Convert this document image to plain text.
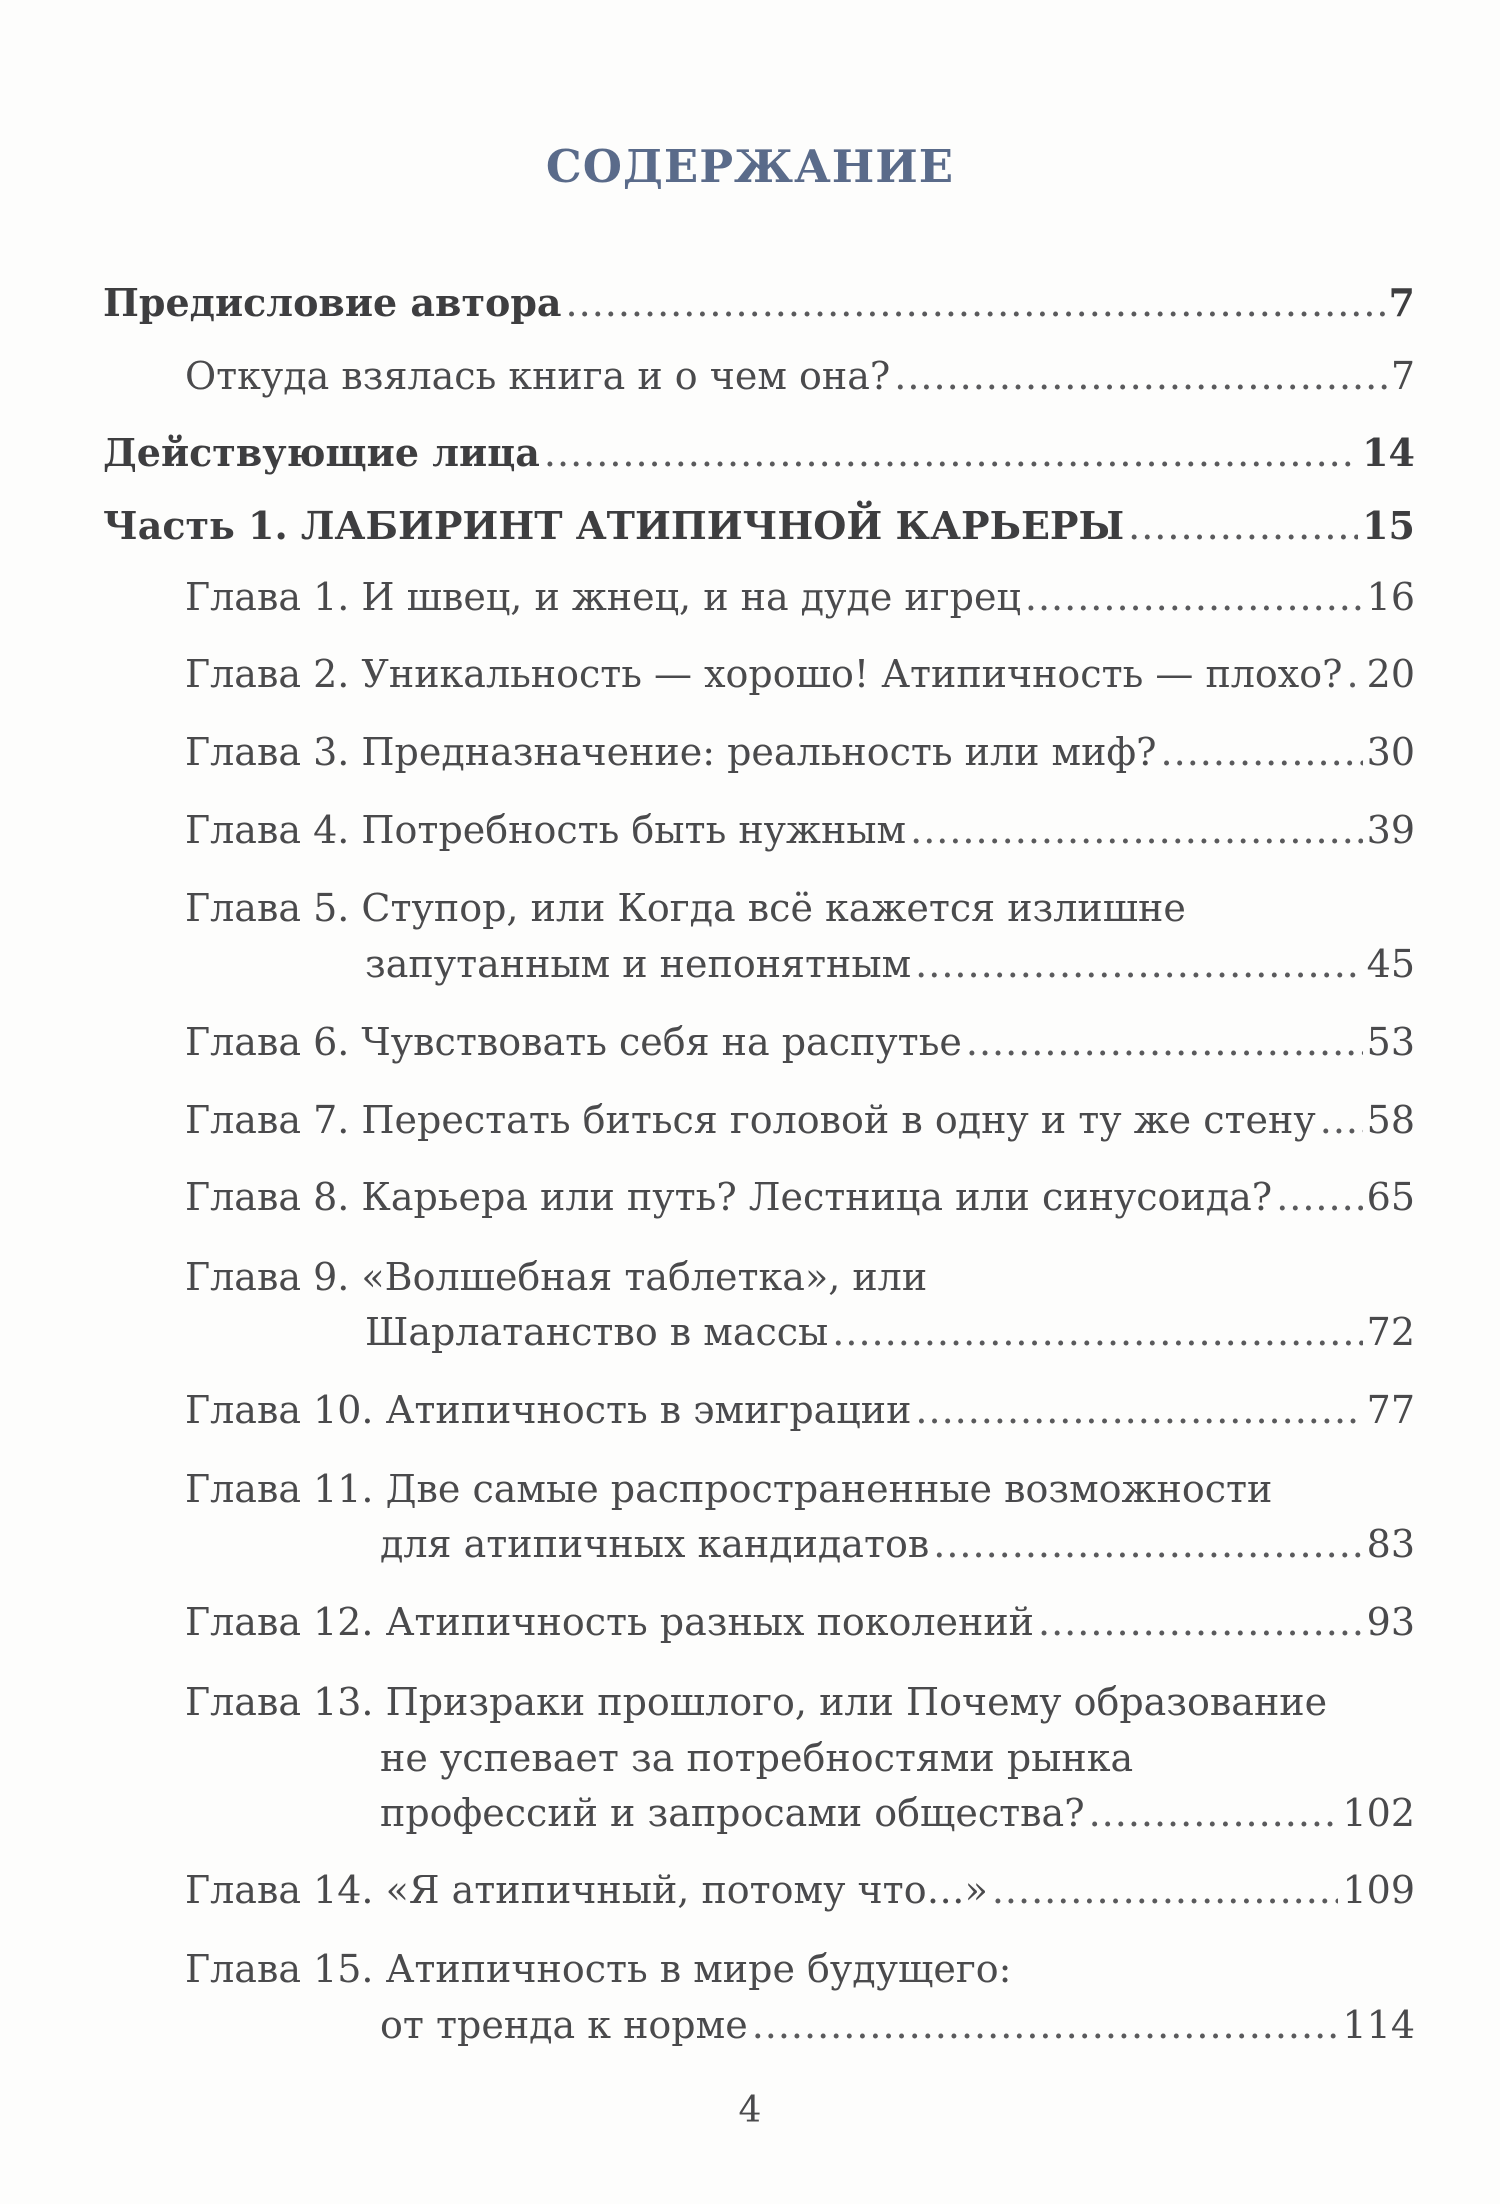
СОДЕРЖАНИЕ
Предисловие автора .....	7
Откуда взялась книга и о чем она? .....	7
Действующие лица .....	14
Часть 1. ЛАБИРИНТ АТИПИЧНОЙ КАРЬЕРЫ .....	15
Глава 1. И швец, и жнец, и на дуде игрец .....	16
Глава 2. Уникальность — хорошо! Атипичность — плохо? ..... 20
Глава 3. Предназначение: реальность или миф? .....	30
Глава 4. Потребность быть нужным .....	39
Глава 5. Ступор, или Когда всё кажется излишне
запутанным и непонятным .....	45
Глава 6. Чувствовать себя на распутье .....	53
Глава 7. Перестать биться головой в одну и ту же стену ..... 58
Глава 8. Карьера или путь? Лестница или синусоида? ..... 65
Глава 9. «Волшебная таблетка», или
Шарлатанство в массы .....	72
Глава 10. Атипичность в эмиграции .....	77
Глава 11. Две самые распространенные возможности
для атипичных кандидатов .....	83
Глава 12. Атипичность разных поколений .....	93
Глава 13. Призраки прошлого, или Почему образование
не успевает за потребностями рынка
профессий и запросами общества? .....	102
Глава 14. «Я атипичный, потому что…» .....	109
Глава 15. Атипичность в мире будущего:
от тренда к норме .....	114
4
